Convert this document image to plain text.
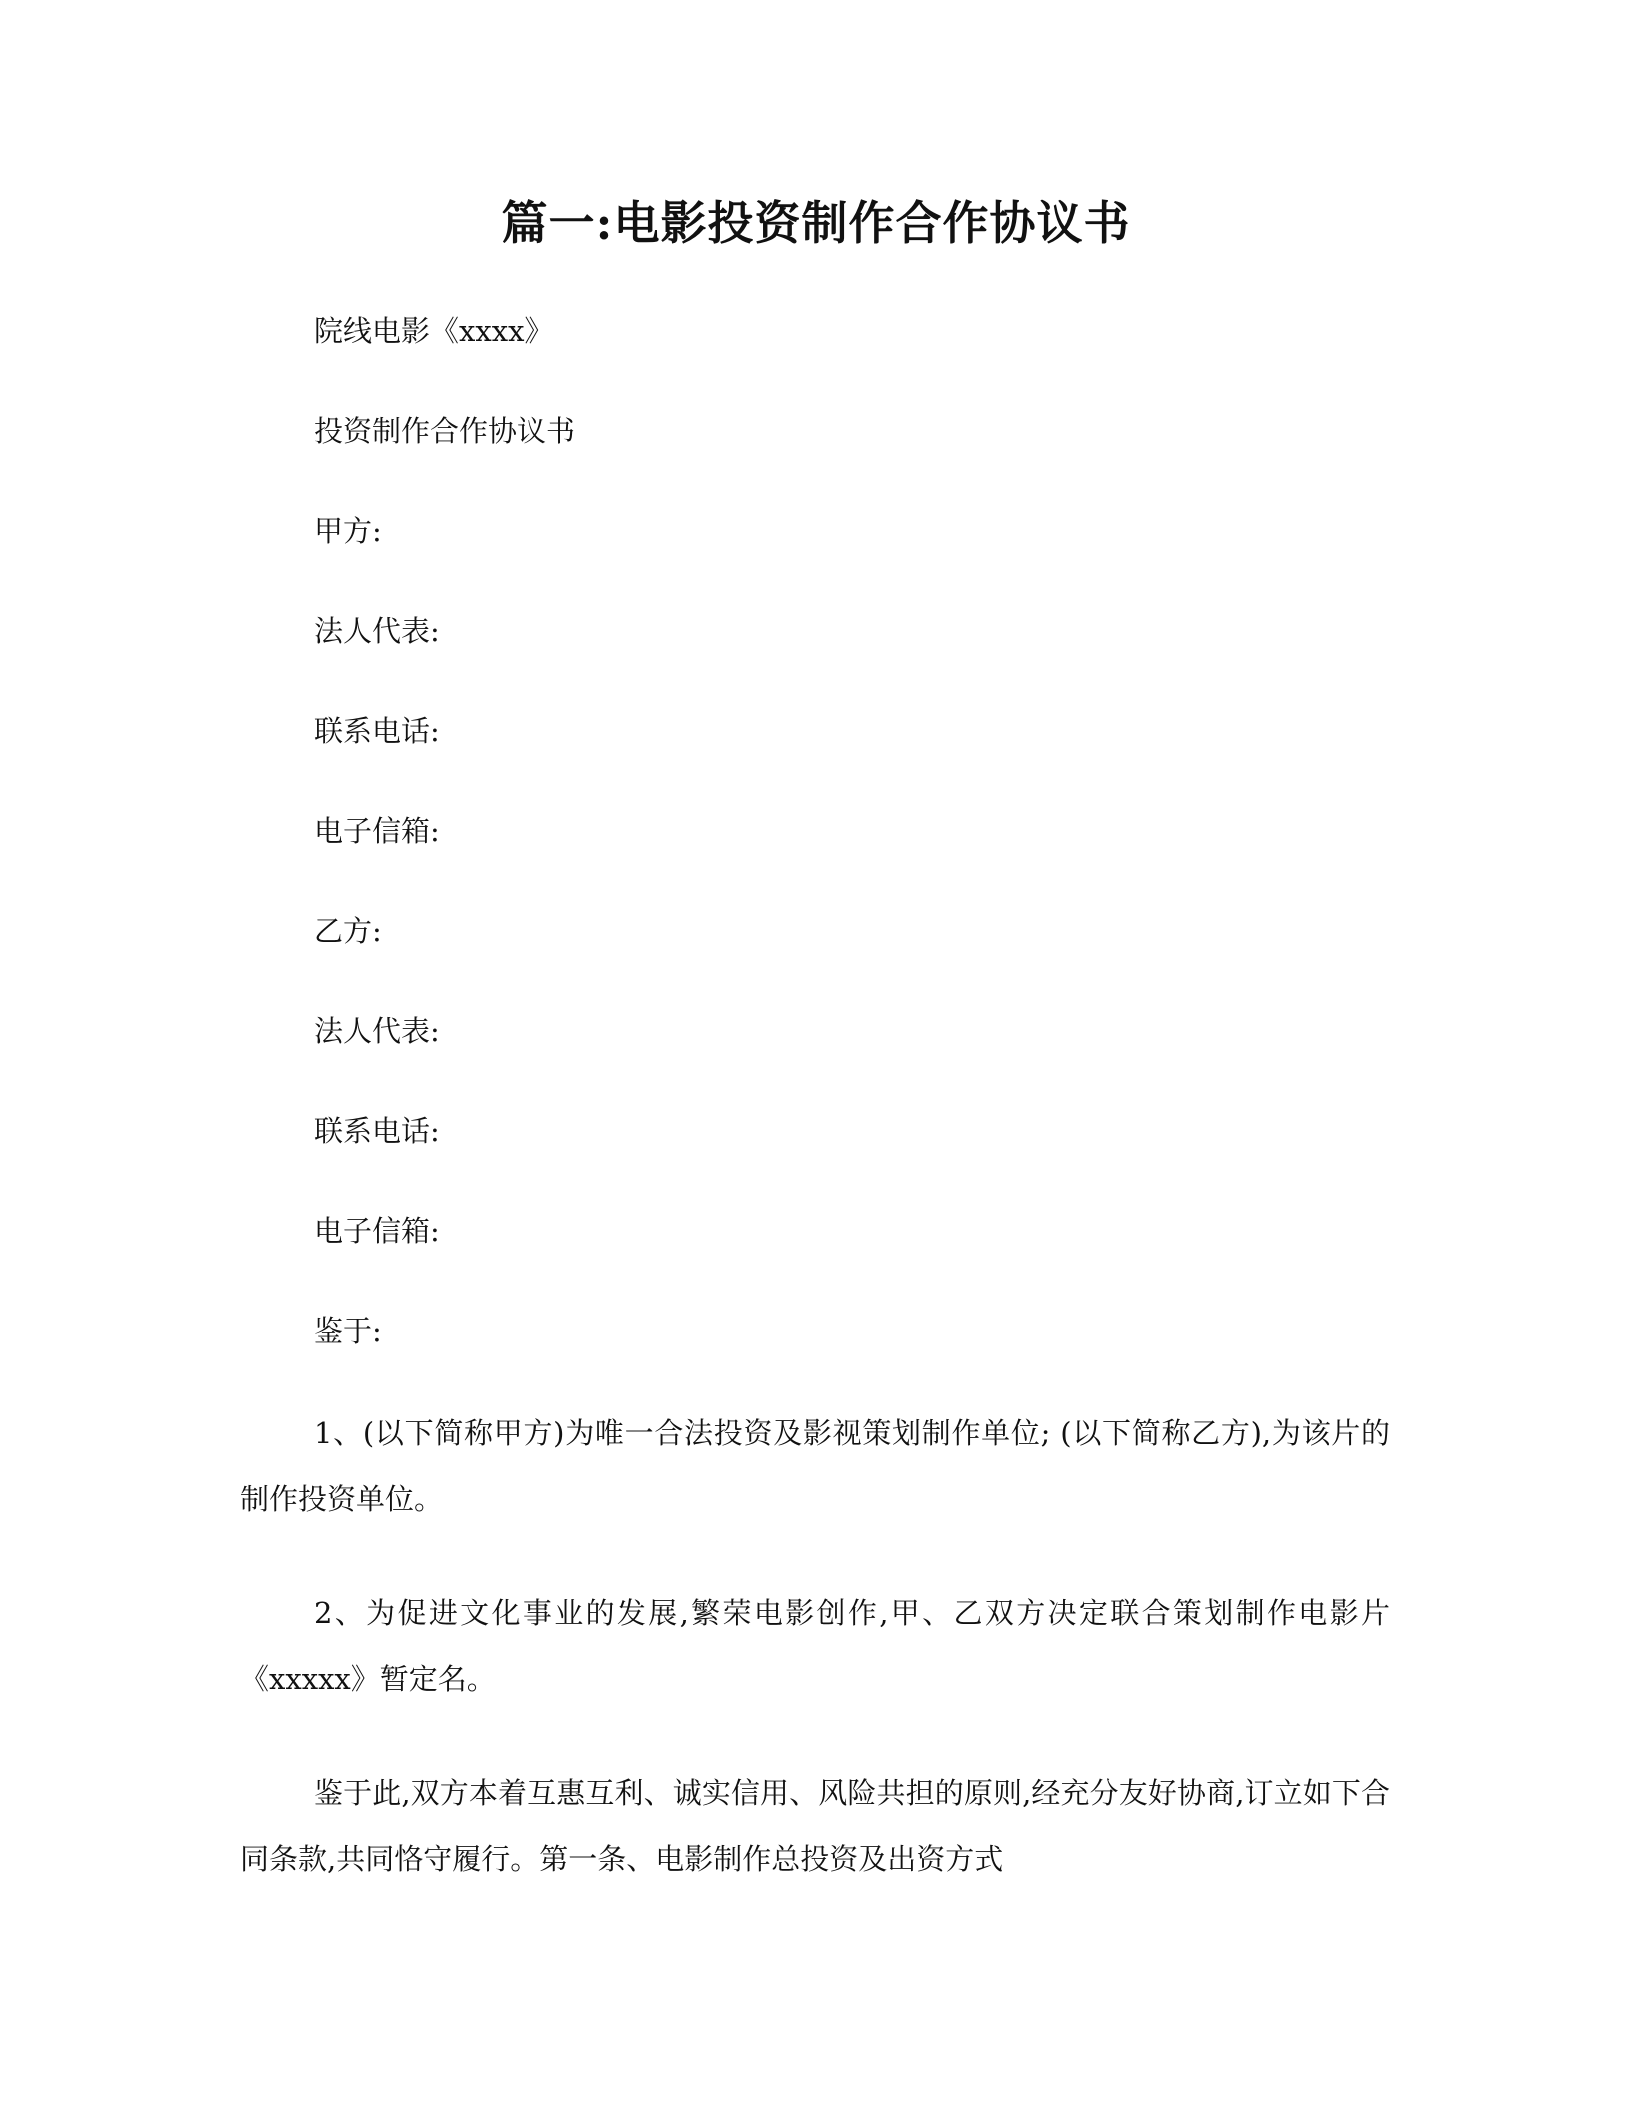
篇一:电影投资制作合作协议书

院线电影《xxxx》

投资制作合作协议书

甲方:

法人代表:

联系电话:

电子信箱:

乙方:

法人代表:

联系电话:

电子信箱:

鉴于:

1、(以下简称甲方)为唯一合法投资及影视策划制作单位; (以下简称乙方),为该片的制作投资单位。

2、为促进文化事业的发展,繁荣电影创作,甲、乙双方决定联合策划制作电影片《xxxxx》暂定名。

鉴于此,双方本着互惠互利、诚实信用、风险共担的原则,经充分友好协商,订立如下合同条款,共同恪守履行。第一条、电影制作总投资及出资方式
